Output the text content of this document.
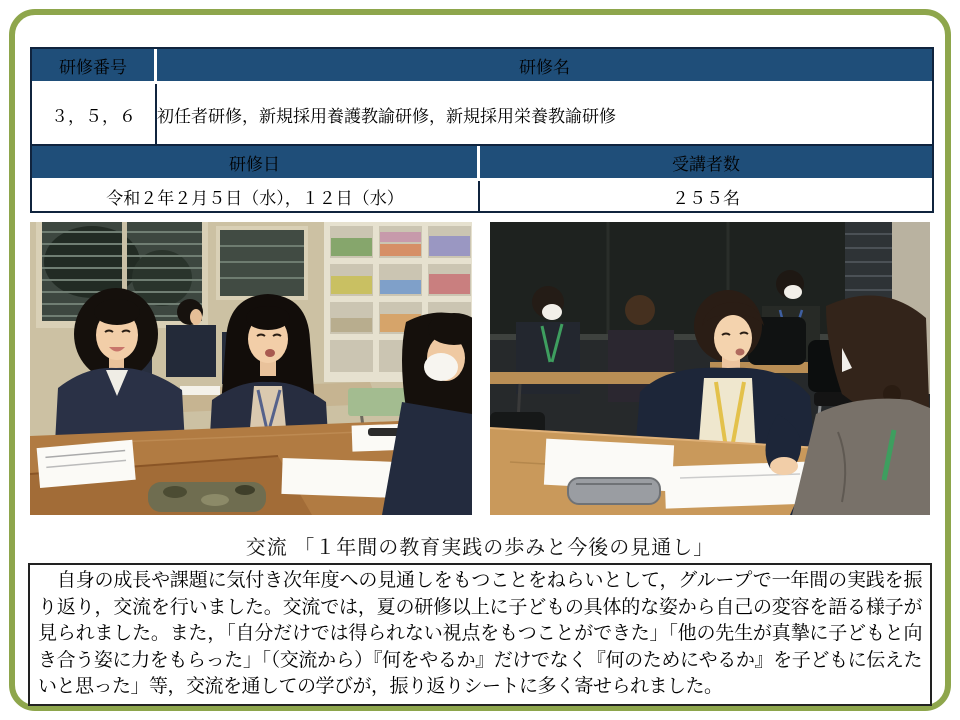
研修番号	研修名
３，５，６	初任者研修，新規採用養護教諭研修，新規採用栄養教諭研修
研修日	受講者数
令和２年２月５日（水），１２日（水）	２５５名
交流 「１年間の教育実践の歩みと今後の見通し」

　自身の成長や課題に気付き次年度への見通しをもつことをねらいとして，グループで一年間の実践を振り返り，交流を行いました。交流では，夏の研修以上に子どもの具体的な姿から自己の変容を語る様子が見られました。また，「自分だけでは得られない視点をもつことができた」「他の先生が真摯に子どもと向き合う姿に力をもらった」「（交流から）『何をやるか』だけでなく『何のためにやるか』を子どもに伝えたいと思った」等，交流を通しての学びが，振り返りシートに多く寄せられました。
